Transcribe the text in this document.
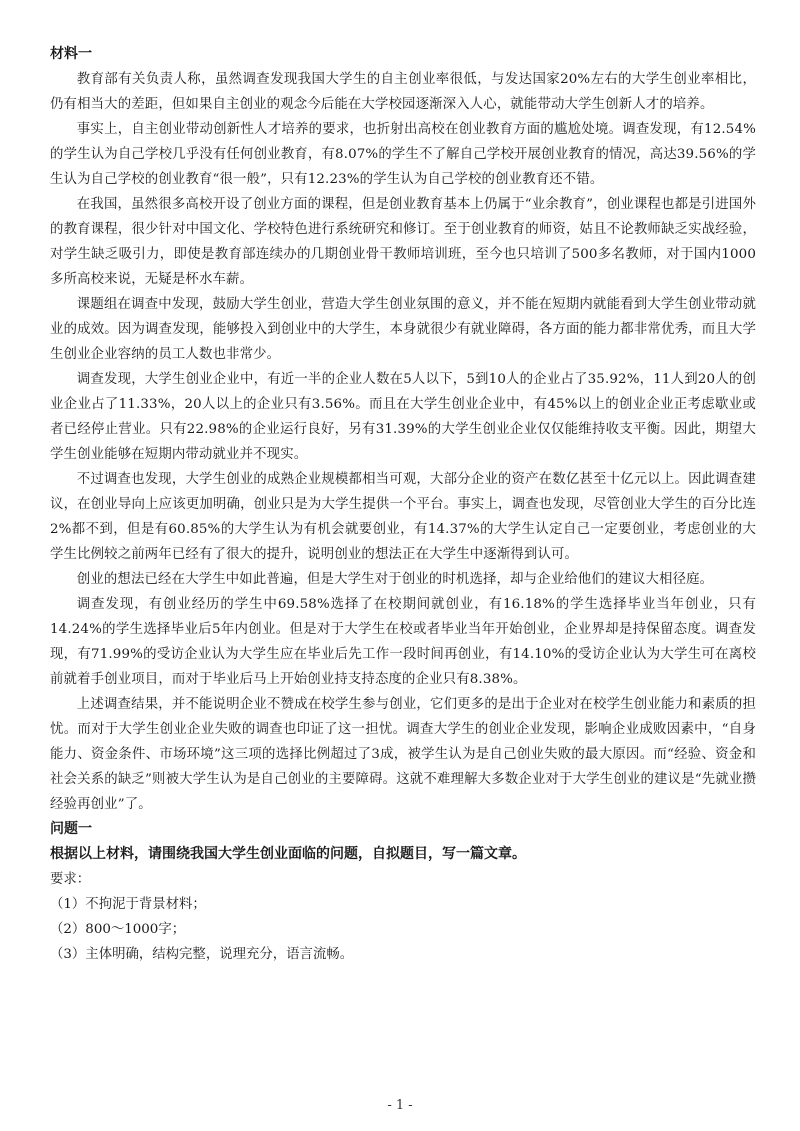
材料一

教育部有关负责人称，虽然调查发现我国大学生的自主创业率很低，与发达国家20%左右的大学生创业率相比，仍有相当大的差距，但如果自主创业的观念今后能在大学校园逐渐深入人心，就能带动大学生创新人才的培养。

事实上，自主创业带动创新性人才培养的要求，也折射出高校在创业教育方面的尴尬处境。调查发现，有12.54%的学生认为自己学校几乎没有任何创业教育，有8.07%的学生不了解自己学校开展创业教育的情况，高达39.56%的学生认为自己学校的创业教育“很一般”，只有12.23%的学生认为自己学校的创业教育还不错。

在我国，虽然很多高校开设了创业方面的课程，但是创业教育基本上仍属于“业余教育”，创业课程也都是引进国外的教育课程，很少针对中国文化、学校特色进行系统研究和修订。至于创业教育的师资，姑且不论教师缺乏实战经验，对学生缺乏吸引力，即使是教育部连续办的几期创业骨干教师培训班，至今也只培训了500多名教师，对于国内1000多所高校来说，无疑是杯水车薪。

课题组在调查中发现，鼓励大学生创业，营造大学生创业氛围的意义，并不能在短期内就能看到大学生创业带动就业的成效。因为调查发现，能够投入到创业中的大学生，本身就很少有就业障碍，各方面的能力都非常优秀，而且大学生创业企业容纳的员工人数也非常少。

调查发现，大学生创业企业中，有近一半的企业人数在5人以下，5到10人的企业占了35.92%，11人到20人的创业企业占了11.33%，20人以上的企业只有3.56%。而且在大学生创业企业中，有45%以上的创业企业正考虑歇业或者已经停止营业。只有22.98%的企业运行良好，另有31.39%的大学生创业企业仅仅能维持收支平衡。因此，期望大学生创业能够在短期内带动就业并不现实。

不过调查也发现，大学生创业的成熟企业规模都相当可观，大部分企业的资产在数亿甚至十亿元以上。因此调查建议，在创业导向上应该更加明确，创业只是为大学生提供一个平台。事实上，调查也发现，尽管创业大学生的百分比连2%都不到，但是有60.85%的大学生认为有机会就要创业，有14.37%的大学生认定自己一定要创业，考虑创业的大学生比例较之前两年已经有了很大的提升，说明创业的想法正在大学生中逐渐得到认可。

创业的想法已经在大学生中如此普遍，但是大学生对于创业的时机选择，却与企业给他们的建议大相径庭。

调查发现，有创业经历的学生中69.58%选择了在校期间就创业，有16.18%的学生选择毕业当年创业，只有14.24%的学生选择毕业后5年内创业。但是对于大学生在校或者毕业当年开始创业，企业界却是持保留态度。调查发现，有71.99%的受访企业认为大学生应在毕业后先工作一段时间再创业，有14.10%的受访企业认为大学生可在离校前就着手创业项目，而对于毕业后马上开始创业持支持态度的企业只有8.38%。

上述调查结果，并不能说明企业不赞成在校学生参与创业，它们更多的是出于企业对在校学生创业能力和素质的担忧。而对于大学生创业企业失败的调查也印证了这一担忧。调查大学生的创业企业发现，影响企业成败因素中，“自身能力、资金条件、市场环境”这三项的选择比例超过了3成，被学生认为是自己创业失败的最大原因。而“经验、资金和社会关系的缺乏”则被大学生认为是自己创业的主要障碍。这就不难理解大多数企业对于大学生创业的建议是“先就业攒经验再创业”了。

问题一

根据以上材料，请围绕我国大学生创业面临的问题，自拟题目，写一篇文章。

要求：

（1）不拘泥于背景材料；

（2）800～1000字；

（3）主体明确，结构完整，说理充分，语言流畅。

- 1 -
